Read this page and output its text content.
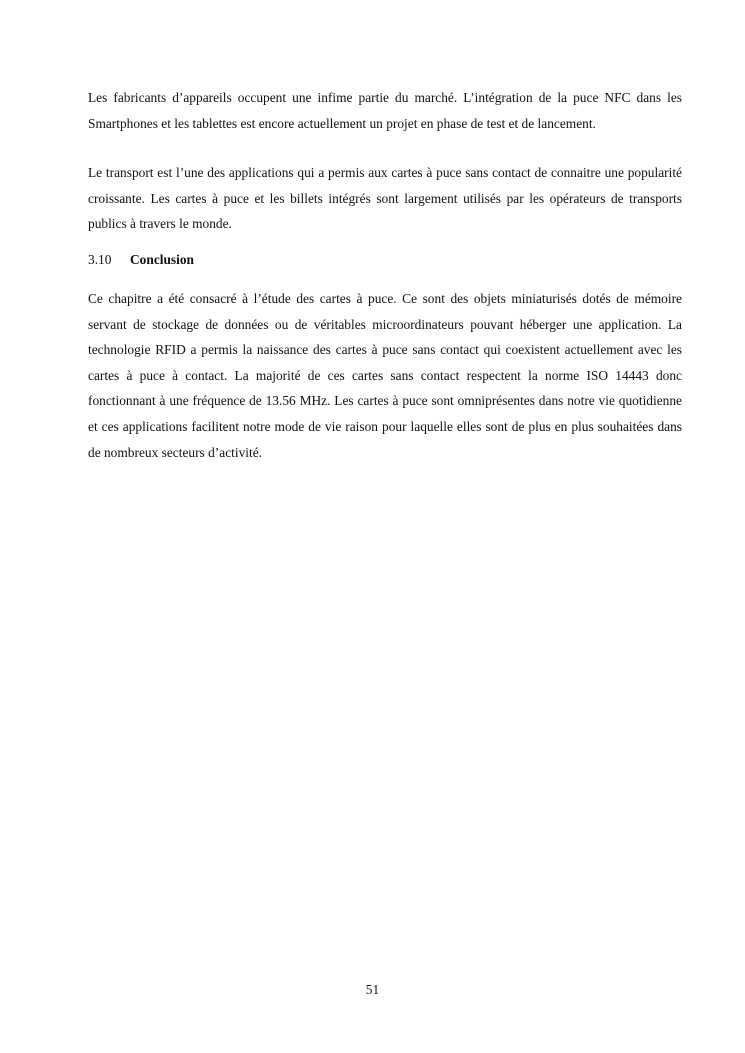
Les fabricants d’appareils occupent une infime partie du marché. L’intégration de la puce NFC dans les Smartphones et les tablettes est encore actuellement un projet en phase de test et de lancement.

Le transport est l’une des applications qui a permis aux cartes à puce sans contact de connaitre une popularité croissante. Les cartes à puce et les billets intégrés sont largement utilisés par les opérateurs de transports publics à travers le monde.

3.10 Conclusion

Ce chapitre a été consacré à l’étude des cartes à puce. Ce sont des objets miniaturisés dotés de mémoire servant de stockage de données ou de véritables microordinateurs pouvant héberger une application. La technologie RFID a permis la naissance des cartes à puce sans contact qui coexistent actuellement avec les cartes à puce à contact. La majorité de ces cartes sans contact respectent la norme ISO 14443 donc fonctionnant à une fréquence de 13.56 MHz. Les cartes à puce sont omniprésentes dans notre vie quotidienne et ces applications facilitent notre mode de vie raison pour laquelle elles sont de plus en plus souhaitées dans de nombreux secteurs d’activité.

51
